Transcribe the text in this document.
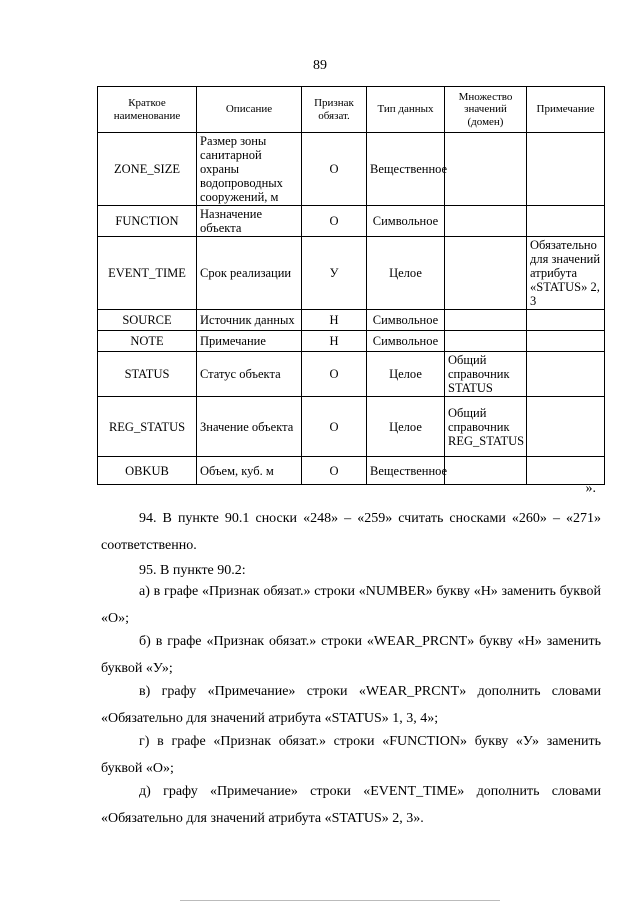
89
Краткое наименование	Описание	Признак обязат.	Тип данных	Множество значений (домен)	Примечание
ZONE_SIZE	Размер зоны санитарной охраны водопроводных сооружений, м	О	Вещественное		
FUNCTION	Назначение объекта	О	Символьное		
EVENT_TIME	Срок реализации	У	Целое		Обязательно для значений атрибута «STATUS» 2, 3
SOURCE	Источник данных	Н	Символьное		
NOTE	Примечание	Н	Символьное		
STATUS	Статус объекта	О	Целое	Общий справочник STATUS	
REG_STATUS	Значение объекта	О	Целое	Общий справочник REG_STATUS	
OBKUB	Объем, куб. м	О	Вещественное		
».
94. В пункте 90.1 сноски «248» – «259» считать сносками «260» – «271» соответственно.
95. В пункте 90.2:
а) в графе «Признак обязат.» строки «NUMBER» букву «Н» заменить буквой «О»;
б) в графе «Признак обязат.» строки «WEAR_PRCNT» букву «Н» заменить буквой «У»;
в) графу «Примечание» строки «WEAR_PRCNT» дополнить словами «Обязательно для значений атрибута «STATUS» 1, 3, 4»;
г) в графе «Признак обязат.» строки «FUNCTION» букву «У» заменить буквой «О»;
д) графу «Примечание» строки «EVENT_TIME» дополнить словами «Обязательно для значений атрибута «STATUS» 2, 3».
